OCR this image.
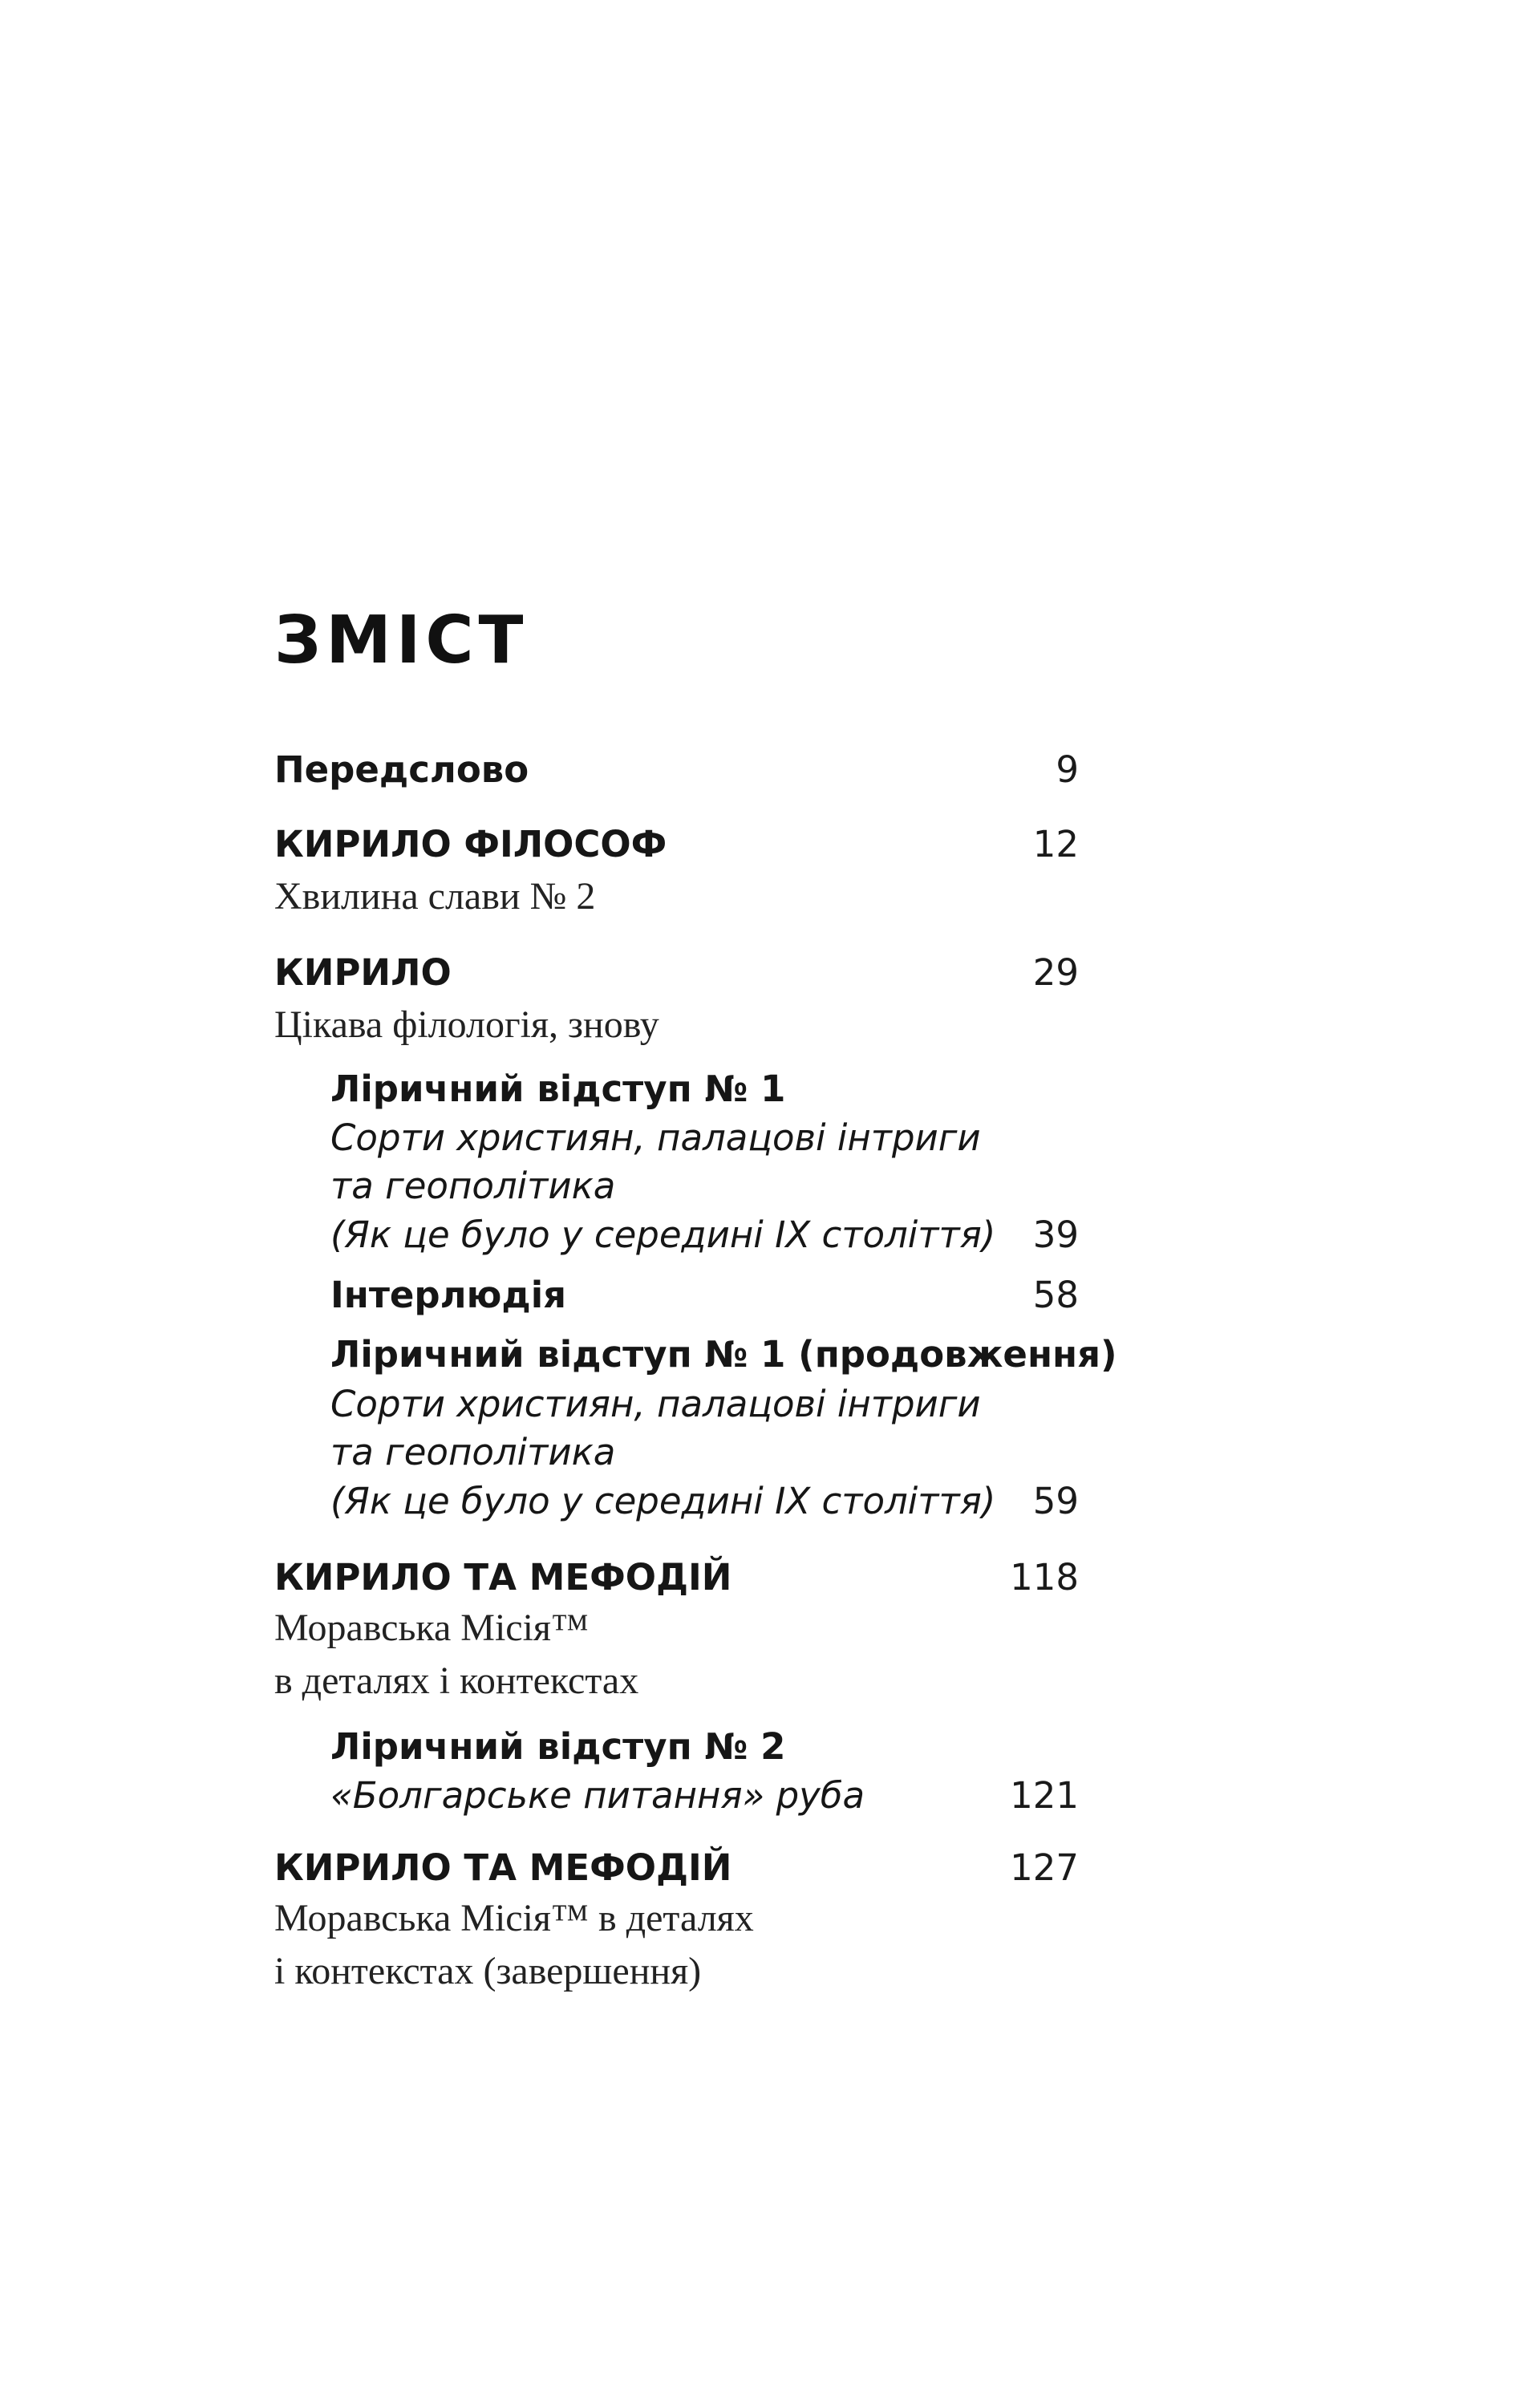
ЗМІСТ

Передслово	9

КИРИЛО ФІЛОСОФ	12

Хвилина слави № 2

КИРИЛО	29

Цікава філологія, знову

Ліричний відступ № 1

Сорти християн, палацові інтриги

та геополітика

(Як це було у середині IX століття)	39

Інтерлюдія	58

Ліричний відступ № 1 (продовження)

Сорти християн, палацові інтриги

та геополітика

(Як це було у середині IX століття)	59

КИРИЛО ТА МЕФОДІЙ	118

Моравська Місія™

в деталях і контекстах

Ліричний відступ № 2

«Болгарське питання» руба	121

КИРИЛО ТА МЕФОДІЙ	127

Моравська Місія™ в деталях

і контекстах (завершення)
